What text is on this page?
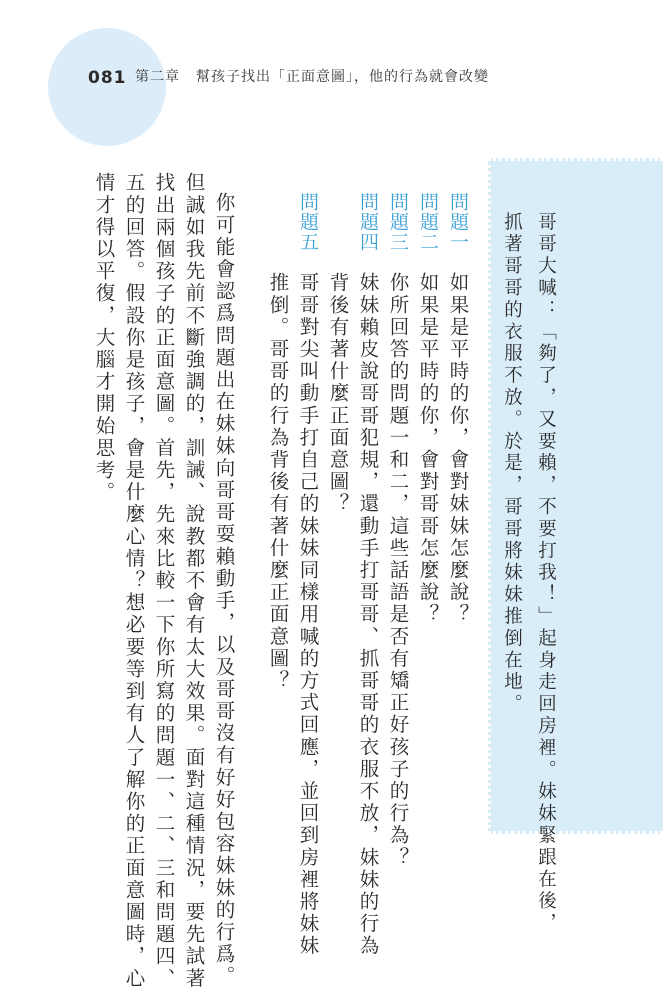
081 第二章 幫孩子找出「正面意圖」，他的行為就會改變
哥哥大喊：「夠了，又要賴，不要打我！」起身走回房裡。妹妹緊跟在後，
抓著哥哥的衣服不放。於是，哥哥將妹妹推倒在地。
問題一
如果是平時的你，會對妹妹怎麼說？
問題二
如果是平時的你，會對哥哥怎麼說？
問題三
你所回答的問題一和二，這些話語是否有矯正好孩子的行為？
問題四
妹妹賴皮說哥哥犯規，還動手打哥哥、抓哥哥的衣服不放，妹妹的行為
背後有著什麼正面意圖？
問題五
哥哥對尖叫動手打自己的妹妹同樣用喊的方式回應，並回到房裡將妹妹
推倒。哥哥的行為背後有著什麼正面意圖？
你可能會認爲問題出在妹妹向哥哥耍賴動手，以及哥哥沒有好好包容妹妹的行爲。
但誠如我先前不斷強調的，訓誡、說教都不會有太大效果。面對這種情況，要先試著
找出兩個孩子的正面意圖。首先，先來比較一下你所寫的問題一、二、三和問題四、
五的回答。假設你是孩子，會是什麼心情？想必要等到有人了解你的正面意圖時，心
情才得以平復，大腦才開始思考。
